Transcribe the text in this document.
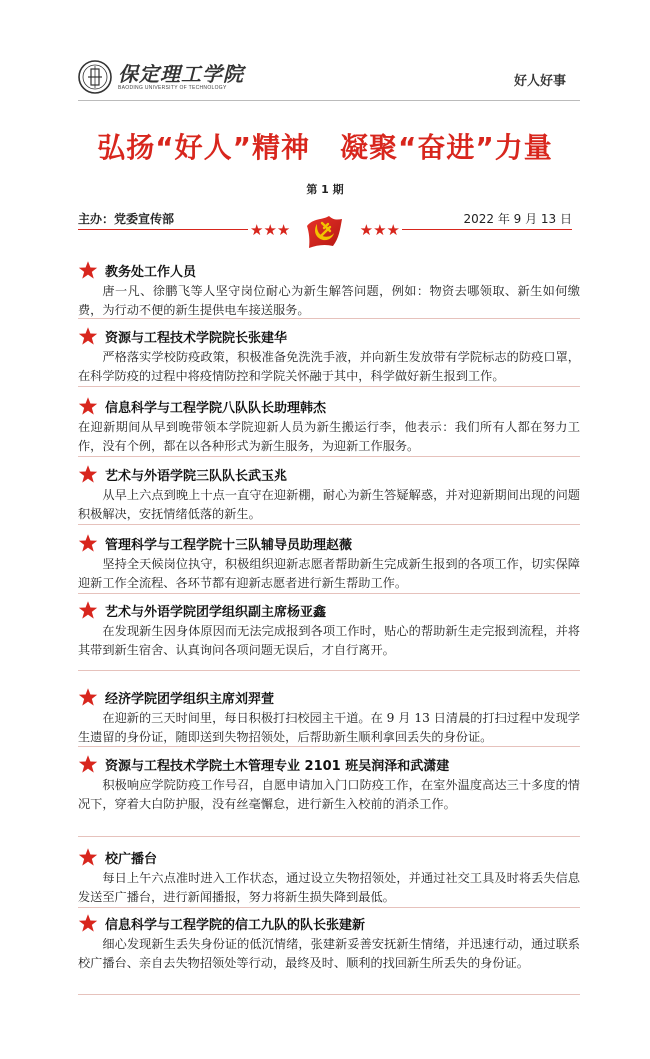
保定理工学院
BAODING UNIVERSITY OF TECHNOLOGY	好人好事
弘扬“好人”精神 凝聚“奋进”力量
第 1 期
主办：党委宣传部	2022 年 9 月 13 日
★★★	★★★
教务处工作人员

唐一凡、徐鹏飞等人坚守岗位耐心为新生解答问题，例如：物资去哪领取、新生如何缴费，为行动不便的新生提供电车接送服务。

资源与工程技术学院院长张建华

严格落实学校防疫政策，积极准备免洗洗手液，并向新生发放带有学院标志的防疫口罩，在科学防疫的过程中将疫情防控和学院关怀融于其中，科学做好新生报到工作。

信息科学与工程学院八队队长助理韩杰

在迎新期间从早到晚带领本学院迎新人员为新生搬运行李，他表示：我们所有人都在努力工作，没有个例，都在以各种形式为新生服务，为迎新工作服务。

艺术与外语学院三队队长武玉兆

从早上六点到晚上十点一直守在迎新棚，耐心为新生答疑解惑，并对迎新期间出现的问题积极解决，安抚情绪低落的新生。

管理科学与工程学院十三队辅导员助理赵薇

坚持全天候岗位执守，积极组织迎新志愿者帮助新生完成新生报到的各项工作，切实保障迎新工作全流程、各环节都有迎新志愿者进行新生帮助工作。

艺术与外语学院团学组织副主席杨亚鑫

在发现新生因身体原因而无法完成报到各项工作时，贴心的帮助新生走完报到流程，并将其带到新生宿舍、认真询问各项问题无误后，才自行离开。

经济学院团学组织主席刘羿萱

在迎新的三天时间里，每日积极打扫校园主干道。在 9 月 13 日清晨的打扫过程中发现学生遗留的身份证，随即送到失物招领处，后帮助新生顺利拿回丢失的身份证。

资源与工程技术学院土木管理专业 2101 班吴润泽和武潇建

积极响应学院防疫工作号召，自愿申请加入门口防疫工作，在室外温度高达三十多度的情况下，穿着大白防护服，没有丝毫懈怠，进行新生入校前的消杀工作。

校广播台

每日上午六点准时进入工作状态，通过设立失物招领处，并通过社交工具及时将丢失信息发送至广播台，进行新闻播报，努力将新生损失降到最低。

信息科学与工程学院的信工九队的队长张建新

细心发现新生丢失身份证的低沉情绪，张建新妥善安抚新生情绪，并迅速行动，通过联系校广播台、亲自去失物招领处等行动，最终及时、顺利的找回新生所丢失的身份证。
